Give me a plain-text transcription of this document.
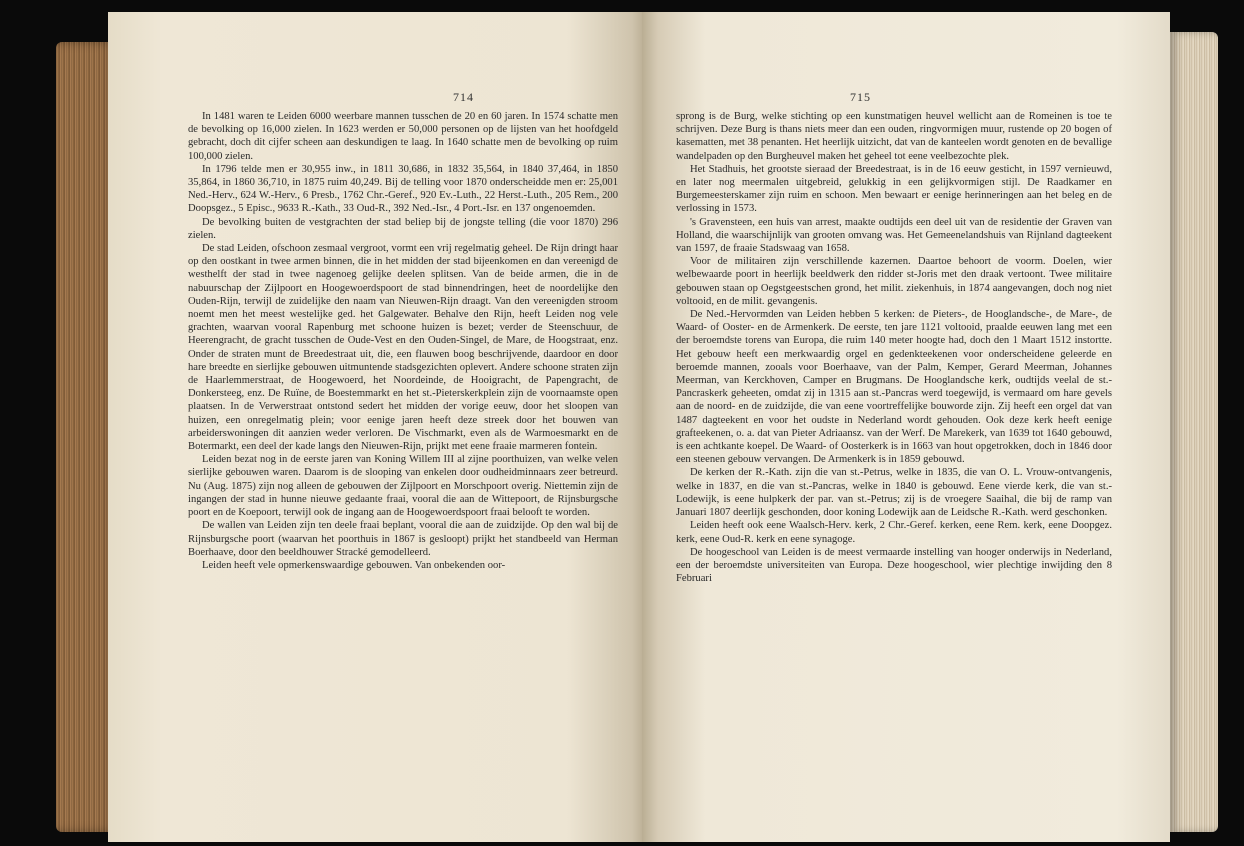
714

In 1481 waren te Leiden 6000 weerbare mannen tusschen de 20 en 60 jaren. In 1574 schatte men de bevolking op 16,000 zielen. In 1623 werden er 50,000 personen op de lijsten van het hoofdgeld gebracht, doch dit cijfer scheen aan deskundigen te laag. In 1640 schatte men de bevolking op ruim 100,000 zielen.

In 1796 telde men er 30,955 inw., in 1811 30,686, in 1832 35,564, in 1840 37,464, in 1850 35,864, in 1860 36,710, in 1875 ruim 40,249. Bij de telling voor 1870 onderscheidde men er: 25,001 Ned.-Herv., 624 W.-Herv., 6 Presb., 1762 Chr.-Geref., 920 Ev.-Luth., 22 Herst.-Luth., 205 Rem., 200 Doopsgez., 5 Episc., 9633 R.-Kath., 33 Oud-R., 392 Ned.-Isr., 4 Port.-Isr. en 137 ongenoemden.

De bevolking buiten de vestgrachten der stad beliep bij de jongste telling (die voor 1870) 296 zielen.

De stad Leiden, ofschoon zesmaal vergroot, vormt een vrij regelmatig geheel. De Rijn dringt haar op den oostkant in twee armen binnen, die in het midden der stad bijeenkomen en dan vereenigd de westhelft der stad in twee nagenoeg gelijke deelen splitsen. Van de beide armen, die in de nabuurschap der Zijlpoort en Hoogewoerdspoort de stad binnendringen, heet de noordelijke den Ouden-Rijn, terwijl de zuidelijke den naam van Nieuwen-Rijn draagt. Van den vereenigden stroom noemt men het meest westelijke ged. het Galgewater. Behalve den Rijn, heeft Leiden nog vele grachten, waarvan vooral Rapenburg met schoone huizen is bezet; verder de Steenschuur, de Heerengracht, de gracht tusschen de Oude-Vest en den Ouden-Singel, de Mare, de Hoogstraat, enz. Onder de straten munt de Breedestraat uit, die, een flauwen boog beschrijvende, daardoor en door hare breedte en sierlijke gebouwen uitmuntende stadsgezichten oplevert. Andere schoone straten zijn de Haarlemmerstraat, de Hoogewoerd, het Noordeinde, de Hooigracht, de Papengracht, de Donkersteeg, enz. De Ruïne, de Boestemmarkt en het st.-Pieterskerkplein zijn de voornaamste open plaatsen. In de Verwerstraat ontstond sedert het midden der vorige eeuw, door het sloopen van huizen, een onregelmatig plein; voor eenige jaren heeft deze streek door het bouwen van arbeiderswoningen dit aanzien weder verloren. De Vischmarkt, even als de Warmoesmarkt en de Botermarkt, een deel der kade langs den Nieuwen-Rijn, prijkt met eene fraaie marmeren fontein.

Leiden bezat nog in de eerste jaren van Koning Willem III al zijne poorthuizen, van welke velen sierlijke gebouwen waren. Daarom is de slooping van enkelen door oudheidminnaars zeer betreurd. Nu (Aug. 1875) zijn nog alleen de gebouwen der Zijlpoort en Morschpoort overig. Niettemin zijn de ingangen der stad in hunne nieuwe gedaante fraai, vooral die aan de Wittepoort, de Rijnsburgsche poort en de Koepoort, terwijl ook de ingang aan de Hoogewoerdspoort fraai belooft te worden.

De wallen van Leiden zijn ten deele fraai beplant, vooral die aan de zuidzijde. Op den wal bij de Rijnsburgsche poort (waarvan het poorthuis in 1867 is gesloopt) prijkt het standbeeld van Herman Boerhaave, door den beeldhouwer Stracké gemodelleerd.

Leiden heeft vele opmerkenswaardige gebouwen. Van onbekenden oor-

715

sprong is de Burg, welke stichting op een kunstmatigen heuvel wellicht aan de Romeinen is toe te schrijven. Deze Burg is thans niets meer dan een ouden, ringvormigen muur, rustende op 20 bogen of kasematten, met 38 penanten. Het heerlijk uitzicht, dat van de kanteelen wordt genoten en de bevallige wandelpaden op den Burgheuvel maken het geheel tot eene veelbezochte plek.

Het Stadhuis, het grootste sieraad der Breedestraat, is in de 16 eeuw gesticht, in 1597 vernieuwd, en later nog meermalen uitgebreid, gelukkig in een gelijkvormigen stijl. De Raadkamer en Burgemeesterskamer zijn ruim en schoon. Men bewaart er eenige herinneringen aan het beleg en de verlossing in 1573.

's Gravensteen, een huis van arrest, maakte oudtijds een deel uit van de residentie der Graven van Holland, die waarschijnlijk van grooten omvang was. Het Gemeenelandshuis van Rijnland dagteekent van 1597, de fraaie Stadswaag van 1658.

Voor de militairen zijn verschillende kazernen. Daartoe behoort de voorm. Doelen, wier welbewaarde poort in heerlijk beeldwerk den ridder st-Joris met den draak vertoont. Twee militaire gebouwen staan op Oegstgeestschen grond, het milit. ziekenhuis, in 1874 aangevangen, doch nog niet voltooid, en de milit. gevangenis.

De Ned.-Hervormden van Leiden hebben 5 kerken: de Pieters-, de Hooglandsche-, de Mare-, de Waard- of Ooster- en de Armenkerk. De eerste, ten jare 1121 voltooid, praalde eeuwen lang met een der beroemdste torens van Europa, die ruim 140 meter hoogte had, doch den 1 Maart 1512 instortte. Het gebouw heeft een merkwaardig orgel en gedenkteekenen voor onderscheidene geleerde en beroemde mannen, zooals voor Boerhaave, van der Palm, Kemper, Gerard Meerman, Johannes Meerman, van Kerckhoven, Camper en Brugmans. De Hooglandsche kerk, oudtijds veelal de st.-Pancraskerk geheeten, omdat zij in 1315 aan st.-Pancras werd toegewijd, is vermaard om hare gevels aan de noord- en de zuidzijde, die van eene voortreffelijke bouworde zijn. Zij heeft een orgel dat van 1487 dagteekent en voor het oudste in Nederland wordt gehouden. Ook deze kerk heeft eenige grafteekenen, o. a. dat van Pieter Adriaansz. van der Werf. De Marekerk, van 1639 tot 1640 gebouwd, is een achtkante koepel. De Waard- of Oosterkerk is in 1663 van hout opgetrokken, doch in 1846 door een steenen gebouw vervangen. De Armenkerk is in 1859 gebouwd.

De kerken der R.-Kath. zijn die van st.-Petrus, welke in 1835, die van O. L. Vrouw-ontvangenis, welke in 1837, en die van st.-Pancras, welke in 1840 is gebouwd. Eene vierde kerk, die van st.-Lodewijk, is eene hulpkerk der par. van st.-Petrus; zij is de vroegere Saaihal, die bij de ramp van Januari 1807 deerlijk geschonden, door koning Lodewijk aan de Leidsche R.-Kath. werd geschonken.

Leiden heeft ook eene Waalsch-Herv. kerk, 2 Chr.-Geref. kerken, eene Rem. kerk, eene Doopgez. kerk, eene Oud-R. kerk en eene synagoge.

De hoogeschool van Leiden is de meest vermaarde instelling van hooger onderwijs in Nederland, een der beroemdste universiteiten van Europa. Deze hoogeschool, wier plechtige inwijding den 8 Februari
